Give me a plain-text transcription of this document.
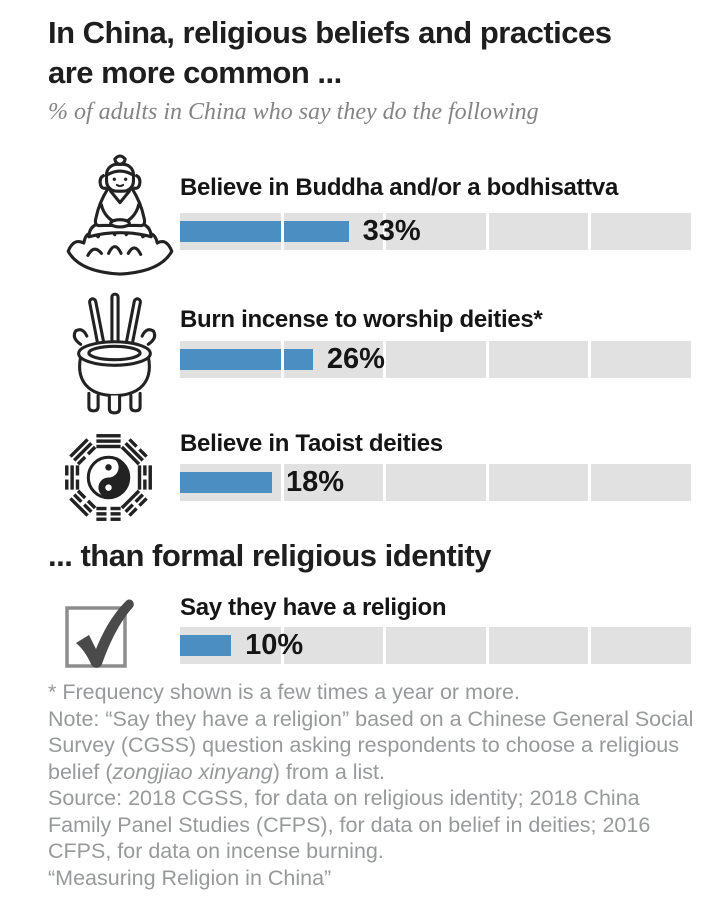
In China, religious beliefs and practices
are more common ...
% of adults in China who say they do the following
Believe in Buddha and/or a bodhisattva
33%
Burn incense to worship deities*
26%
Believe in Taoist deities
18%
... than formal religious identity
Say they have a religion
10%
* Frequency shown is a few times a year or more.
Note: “Say they have a religion” based on a Chinese General Social
Survey (CGSS) question asking respondents to choose a religious
belief (zongjiao xinyang) from a list.
Source: 2018 CGSS, for data on religious identity; 2018 China
Family Panel Studies (CFPS), for data on belief in deities; 2016
CFPS, for data on incense burning.
“Measuring Religion in China”
